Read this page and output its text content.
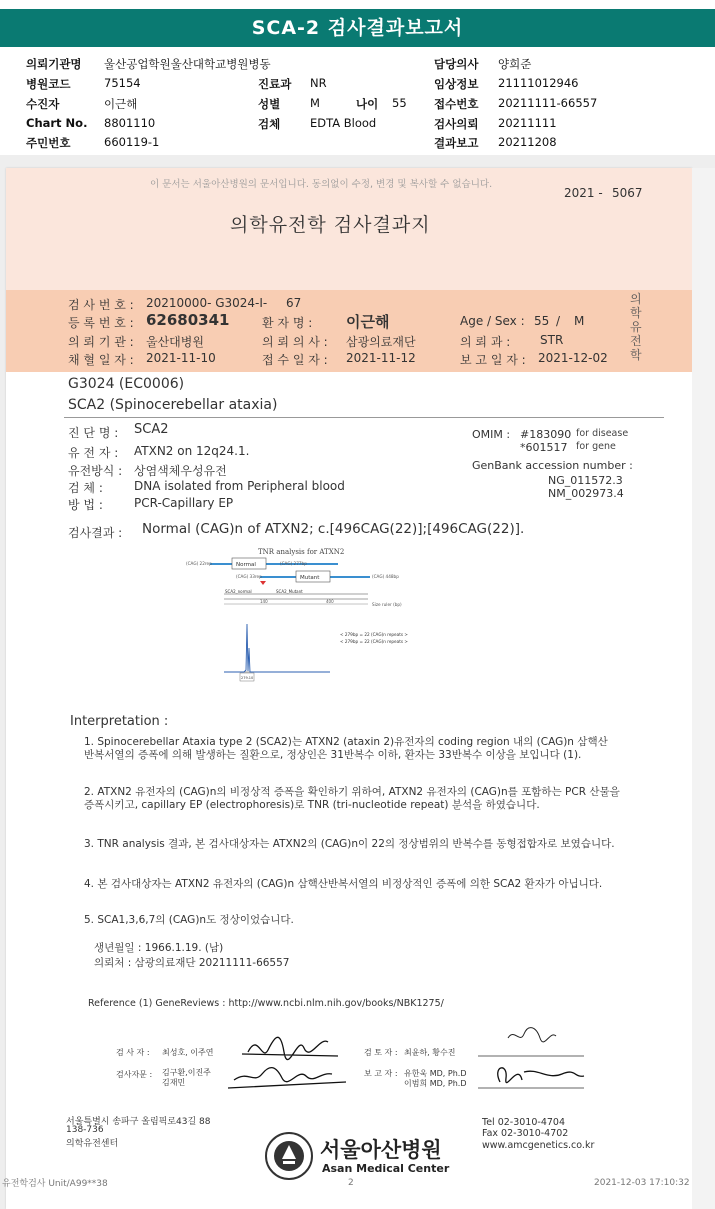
SCA-2 검사결과보고서
의뢰기관명 울산공업학원울산대학교병원병동	담당의사 양희준
병원코드	75154	진료과 NR	임상정보 21111012946
수진자	이근해	성별	M	나이 55 접수번호 20211111-66557
Chart No. 8801110	검체	EDTA Blood	검사의뢰 20211111
주민번호	660119-1	결과보고 20211208
이 문서는 서울아산병원의 문서입니다. 동의없이 수정, 변경 및 복사할 수 없습니다.
2021 - 5067
의학유전학 검사결과지
의학유전학
검 사 번 호 : 20210000- G3024-I- 67
등 록 번 호 : 62680341	환 자 명 : 이근해	Age / Sex : 55 / M
의 뢰 기 관 : 울산대병원	의 뢰 의 사 : 삼광의료재단	의 뢰 과 : STR
채 혈 일 자 : 2021-11-10	접 수 일 자 : 2021-11-12	보 고 일 자 : 2021-12-02
G3024 (EC0006)
SCA2 (Spinocerebellar ataxia)
진 단 명 : SCA2
유 전 자 : ATXN2 on 12q24.1.
유전방식 : 상염색체우성유전
검 체 :	DNA isolated from Peripheral blood
방 법 :	PCR-Capillary EP
OMIM : #183090 for disease
*601517 for gene
GenBank accession number :
NG_011572.3
NM_002973.4
검사결과 : Normal (CAG)n of ATXN2; c.[496CAG(22)];[496CAG(22)].
TNR analysis for ATXN2
Normal
(CAG) 22rep	(CAG) 277bp
Mutant
(CAG) 33rep	(CAG) 448bp
SCA2_normal	SCA2_Mutant
140	400
Size ruler (bp)
279.10
< 279bp = 22 (CAG)n repeats >
< 279bp = 22 (CAG)n repeats >
Interpretation :
1. Spinocerebellar Ataxia type 2 (SCA2)는 ATXN2 (ataxin 2)유전자의 coding region 내의 (CAG)n 삼핵산 반복서열의 증폭에 의해 발생하는 질환으로, 정상인은 31반복수 이하, 환자는 33반복수 이상을 보입니다 (1).
2. ATXN2 유전자의 (CAG)n의 비정상적 증폭을 확인하기 위하여, ATXN2 유전자의 (CAG)n를 포함하는 PCR 산물을 증폭시키고, capillary EP (electrophoresis)로 TNR (tri-nucleotide repeat) 분석을 하였습니다.
3. TNR analysis 결과, 본 검사대상자는 ATXN2의 (CAG)n이 22의 정상범위의 반복수를 동형접합자로 보였습니다.
4. 본 검사대상자는 ATXN2 유전자의 (CAG)n 삼핵산반복서열의 비정상적인 증폭에 의한 SCA2 환자가 아닙니다.
5. SCA1,3,6,7의 (CAG)n도 정상이었습니다.
생년월일 : 1966.1.19. (남)
의뢰처 : 삼광의료재단 20211111-66557
Reference (1) GeneReviews : http://www.ncbi.nlm.nih.gov/books/NBK1275/
검 사 자 : 최성호, 이주연
검사자문 : 김구환,이진주
김재민
검 토 자 : 최윤하, 황수진
보 고 자 : 유한욱 MD, Ph.D
이범희 MD, Ph.D
서울특별시 송파구 올림픽로43길 88
138-736
의학유전센터	서울아산병원
Asan Medical Center
Tel 02-3010-4704
Fax 02-3010-4702
www.amcgenetics.co.kr
유전학검사 Unit/A99**38	2	2021-12-03 17:10:32
